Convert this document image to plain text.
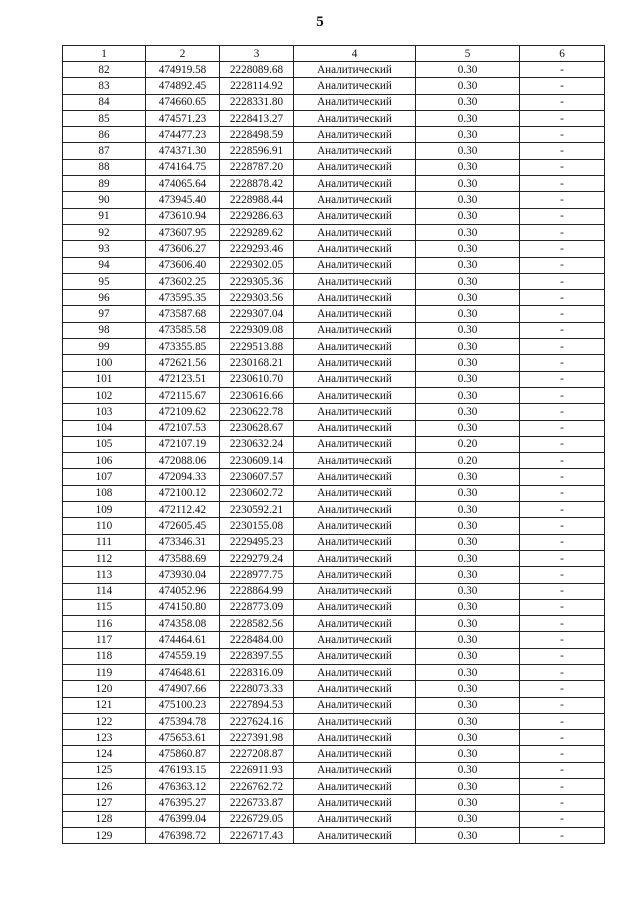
5
1	2	3	4	5	6
82	474919.58	2228089.68	Аналитический	0.30	-
83	474892.45	2228114.92	Аналитический	0.30	-
84	474660.65	2228331.80	Аналитический	0.30	-
85	474571.23	2228413.27	Аналитический	0.30	-
86	474477.23	2228498.59	Аналитический	0.30	-
87	474371.30	2228596.91	Аналитический	0.30	-
88	474164.75	2228787.20	Аналитический	0.30	-
89	474065.64	2228878.42	Аналитический	0.30	-
90	473945.40	2228988.44	Аналитический	0.30	-
91	473610.94	2229286.63	Аналитический	0.30	-
92	473607.95	2229289.62	Аналитический	0.30	-
93	473606.27	2229293.46	Аналитический	0.30	-
94	473606.40	2229302.05	Аналитический	0.30	-
95	473602.25	2229305.36	Аналитический	0.30	-
96	473595.35	2229303.56	Аналитический	0.30	-
97	473587.68	2229307.04	Аналитический	0.30	-
98	473585.58	2229309.08	Аналитический	0.30	-
99	473355.85	2229513.88	Аналитический	0.30	-
100	472621.56	2230168.21	Аналитический	0.30	-
101	472123.51	2230610.70	Аналитический	0.30	-
102	472115.67	2230616.66	Аналитический	0.30	-
103	472109.62	2230622.78	Аналитический	0.30	-
104	472107.53	2230628.67	Аналитический	0.30	-
105	472107.19	2230632.24	Аналитический	0.20	-
106	472088.06	2230609.14	Аналитический	0.20	-
107	472094.33	2230607.57	Аналитический	0.30	-
108	472100.12	2230602.72	Аналитический	0.30	-
109	472112.42	2230592.21	Аналитический	0.30	-
110	472605.45	2230155.08	Аналитический	0.30	-
111	473346.31	2229495.23	Аналитический	0.30	-
112	473588.69	2229279.24	Аналитический	0.30	-
113	473930.04	2228977.75	Аналитический	0.30	-
114	474052.96	2228864.99	Аналитический	0.30	-
115	474150.80	2228773.09	Аналитический	0.30	-
116	474358.08	2228582.56	Аналитический	0.30	-
117	474464.61	2228484.00	Аналитический	0.30	-
118	474559.19	2228397.55	Аналитический	0.30	-
119	474648.61	2228316.09	Аналитический	0.30	-
120	474907.66	2228073.33	Аналитический	0.30	-
121	475100.23	2227894.53	Аналитический	0.30	-
122	475394.78	2227624.16	Аналитический	0.30	-
123	475653.61	2227391.98	Аналитический	0.30	-
124	475860.87	2227208.87	Аналитический	0.30	-
125	476193.15	2226911.93	Аналитический	0.30	-
126	476363.12	2226762.72	Аналитический	0.30	-
127	476395.27	2226733.87	Аналитический	0.30	-
128	476399.04	2226729.05	Аналитический	0.30	-
129	476398.72	2226717.43	Аналитический	0.30	-
